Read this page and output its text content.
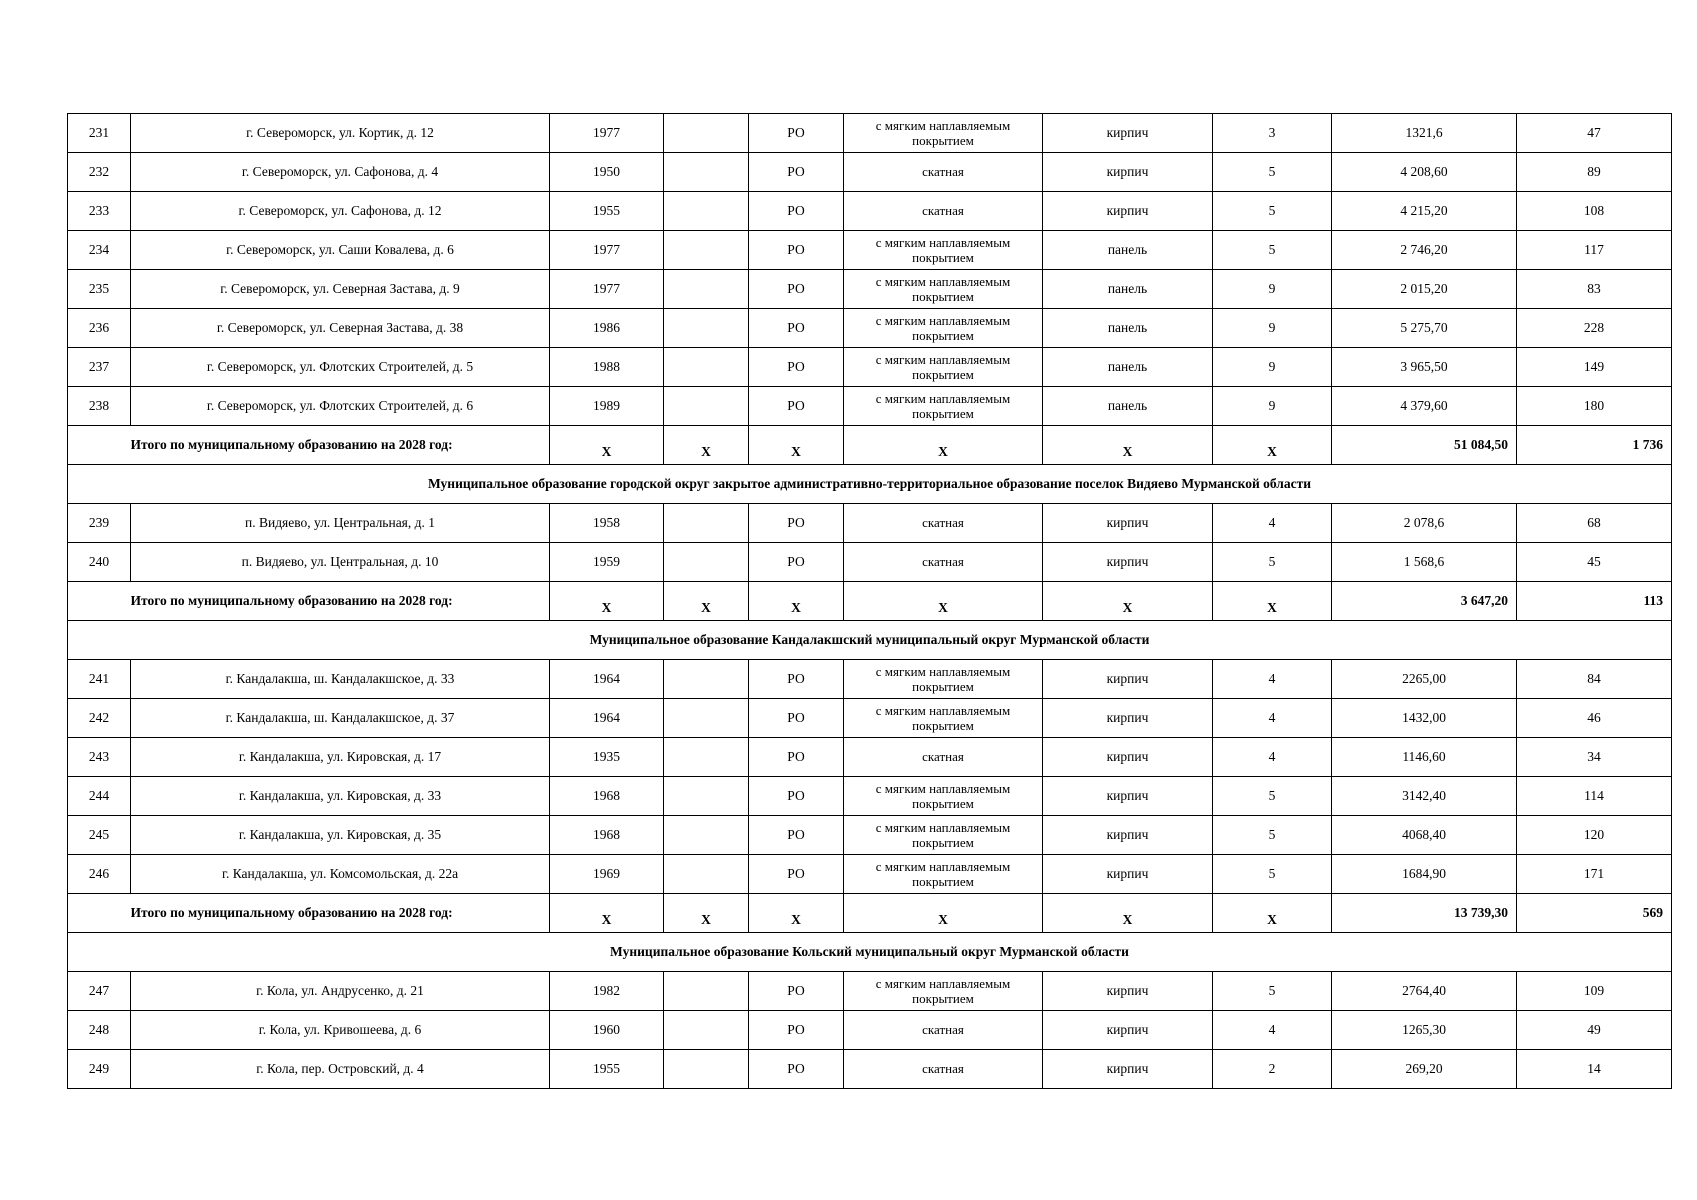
231	г. Североморск, ул. Кортик, д. 12	1977		РО	с мягким наплавляемым покрытием	кирпич	3	1321,6	47
232	г. Североморск, ул. Сафонова, д. 4	1950		РО	скатная	кирпич	5	4 208,60	89
233	г. Североморск, ул. Сафонова, д. 12	1955		РО	скатная	кирпич	5	4 215,20	108
234	г. Североморск, ул. Саши Ковалева, д. 6	1977		РО	с мягким наплавляемым покрытием	панель	5	2 746,20	117
235	г. Североморск, ул. Северная Застава, д. 9	1977		РО	с мягким наплавляемым покрытием	панель	9	2 015,20	83
236	г. Североморск, ул. Северная Застава, д. 38	1986		РО	с мягким наплавляемым покрытием	панель	9	5 275,70	228
237	г. Североморск, ул. Флотских Строителей, д. 5	1988		РО	с мягким наплавляемым покрытием	панель	9	3 965,50	149
238	г. Североморск, ул. Флотских Строителей, д. 6	1989		РО	с мягким наплавляемым покрытием	панель	9	4 379,60	180
	Итого по муниципальному образованию на 2028 год:	X	X	X	X	X	X	51 084,50	1 736
Муниципальное образование городской округ закрытое административно-территориальное образование поселок Видяево Мурманской области									
239	п. Видяево, ул. Центральная, д. 1	1958		РО	скатная	кирпич	4	2 078,6	68
240	п. Видяево, ул. Центральная, д. 10	1959		РО	скатная	кирпич	5	1 568,6	45
	Итого по муниципальному образованию на 2028 год:	X	X	X	X	X	X	3 647,20	113
Муниципальное образование Кандалакшский муниципальный округ Мурманской области									
241	г. Кандалакша, ш. Кандалакшское, д. 33	1964		РО	с мягким наплавляемым покрытием	кирпич	4	2265,00	84
242	г. Кандалакша, ш. Кандалакшское, д. 37	1964		РО	с мягким наплавляемым покрытием	кирпич	4	1432,00	46
243	г. Кандалакша, ул. Кировская, д. 17	1935		РО	скатная	кирпич	4	1146,60	34
244	г. Кандалакша, ул. Кировская, д. 33	1968		РО	с мягким наплавляемым покрытием	кирпич	5	3142,40	114
245	г. Кандалакша, ул. Кировская, д. 35	1968		РО	с мягким наплавляемым покрытием	кирпич	5	4068,40	120
246	г. Кандалакша, ул. Комсомольская, д. 22а	1969		РО	с мягким наплавляемым покрытием	кирпич	5	1684,90	171
	Итого по муниципальному образованию на 2028 год:	X	X	X	X	X	X	13 739,30	569
Муниципальное образование Кольский муниципальный округ Мурманской области									
247	г. Кола, ул. Андрусенко, д. 21	1982		РО	с мягким наплавляемым покрытием	кирпич	5	2764,40	109
248	г. Кола, ул. Кривошеева, д. 6	1960		РО	скатная	кирпич	4	1265,30	49
249	г. Кола, пер. Островский, д. 4	1955		РО	скатная	кирпич	2	269,20	14
